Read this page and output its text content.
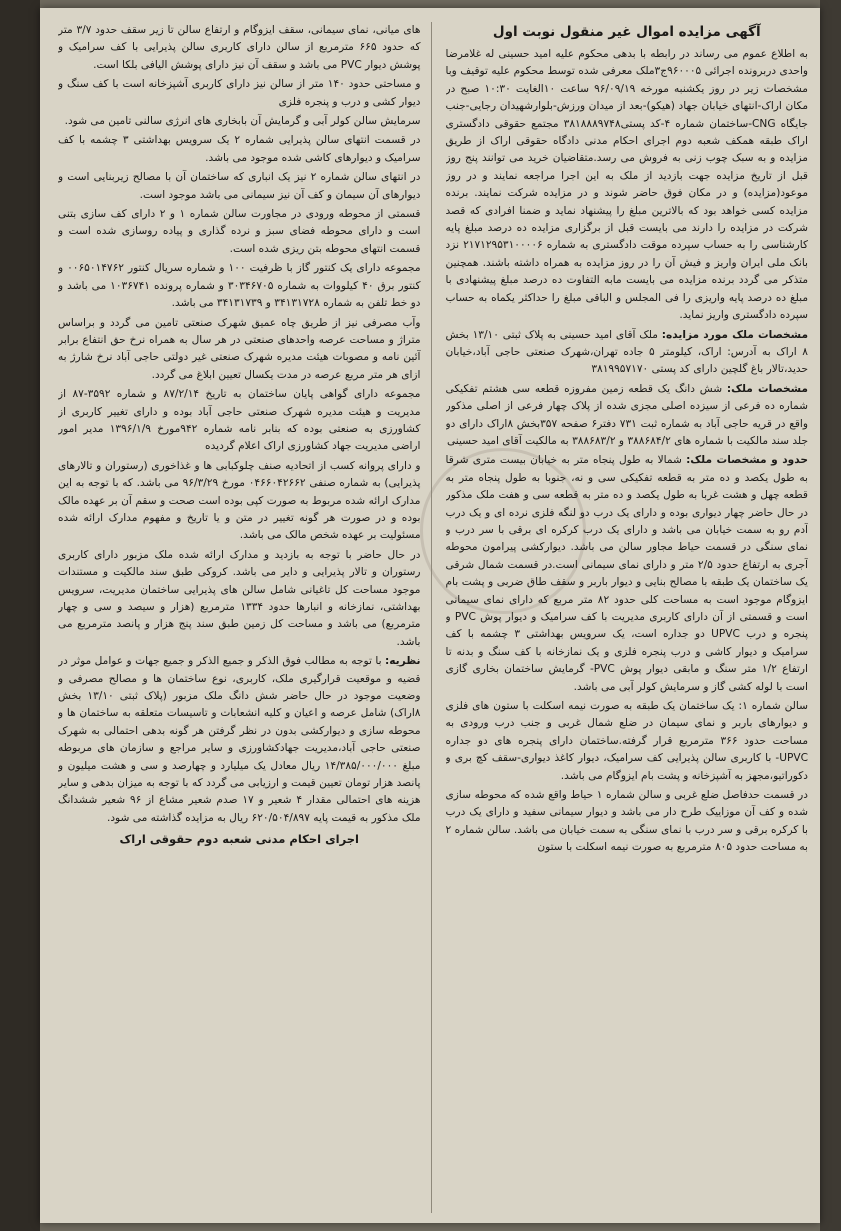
آگهی مزایده اموال غیر منقول نوبت اول

به اطلاع عموم می رساند در رابطه با بدهی محکوم علیه امید حسینی له غلامرضا واحدی دربرونده اجرائی ۹۶۰۰۰۵ج۳ملک معرفی شده توسط محکوم علیه توقیف وبا مشخصات زیر در روز یکشنبه مورخه ۹۶/۰۹/۱۹ ساعت ۱۰الغایت ۱۰:۳۰ صبح در مکان اراک-انتهای خیابان جهاد (هیکو)-بعد از میدان ورزش-بلوارشهیدان رجایی-جنب جایگاه CNG-ساختمان شماره ۴-کد پستی۳۸۱۸۸۸۹۷۴۸ مجتمع حقوقی دادگستری اراک طبقه همکف شعبه دوم اجرای احکام مدنی دادگاه حقوقی اراک از طریق مزایده و به سبک چوب زنی به فروش می رسد.متقاضیان خرید می توانند پنج روز قبل از تاریخ مزایده جهت بازدید از ملک به این اجرا مراجعه نمایند و در روز موعود(مزایده) و در مکان فوق حاضر شوند و در مزایده شرکت نمایند. برنده مزایده کسی خواهد بود که بالاترین مبلغ را پیشنهاد نماید و ضمنا افرادی که قصد شرکت در مزایده را دارند می بایست قبل از برگزاری مزایده ده درصد مبلغ پایه کارشناسی را به حساب سپرده موقت دادگستری به شماره ۲۱۷۱۲۹۵۳۱۰۰۰۰۶ نزد بانک ملی ایران واریز و فیش آن را در روز مزایده به همراه داشته باشند. همچنین متذکر می گردد برنده مزایده می بایست مابه التفاوت ده درصد مبلغ پیشنهادی با مبلغ ده درصد پایه واریزی را فی المجلس و الباقی مبلغ را حداکثر یکماه به حساب سپرده دادگستری واریز نماید.

مشخصات ملک مورد مزایده: ملک آقای امید حسینی به پلاک ثبتی ۱۳/۱۰ بخش ۸ اراک به آدرس: اراک، کیلومتر ۵ جاده تهران،شهرک صنعتی حاجی آباد،خیابان حدید،تالار باغ گلچین دارای کد پستی ۳۸۱۹۹۵۷۱۷۰

مشخصات ملک: شش دانگ یک قطعه زمین مفروزه قطعه سی هشتم تفکیکی شماره ده فرعی از سیزده اصلی مجزی شده از پلاک چهار فرعی از اصلی مذکور واقع در قریه حاجی آباد به شماره ثبت ۷۳۱ دفتر۶ صفحه ۳۵۷بخش ۸اراک دارای دو جلد سند مالکیت با شماره های ۳۸۸۶۸۴/۲ و ۳۸۸۶۸۳/۲ به مالکیت آقای امید حسینی

حدود و مشخصات ملک: شمالا به طول پنجاه متر به خیابان بیست متری شرقا به طول یکصد و ده متر به قطعه تفکیکی سی و نه، جنوبا به طول پنجاه متر به قطعه چهل و هشت غربا به طول یکصد و ده متر به قطعه سی و هفت ملک مذکور در حال حاضر چهار دیواری بوده و دارای یک درب دو لنگه فلزی نرده ای و یک درب آدم رو به سمت خیابان می باشد و دارای یک درب کرکره ای برقی با سر درب و نمای سنگی در قسمت حیاط مجاور سالن می باشد. دیوارکشی پیرامون محوطه آجری به ارتفاع حدود ۲/۵ متر و دارای نمای سیمانی است.در قسمت شمال شرقی یک ساختمان یک طبقه با مصالح بنایی و دیوار باربر و سقف طاق ضربی و پشت بام ایزوگام موجود است به مساحت کلی حدود ۸۲ متر مربع که دارای نمای سیمانی است و قسمتی از آن دارای کاربری مدیریت با کف سرامیک و دیوار پوش PVC و پنجره و درب UPVC دو جداره است، یک سرویس بهداشتی ۳ چشمه با کف سرامیک و دیوار کاشی و درب پنجره فلزی و یک نمازخانه با کف سنگ و بدنه تا ارتفاع ۱/۲ متر سنگ و مابقی دیوار پوش PVC- گرمایش ساختمان بخاری گازی است با لوله کشی گاز و سرمایش کولر آبی می باشد.

سالن شماره ۱: یک ساختمان یک طبقه به صورت نیمه اسکلت با ستون های فلزی و دیوارهای باربر و نمای سیمان در ضلع شمال غربی و جنب درب ورودی به مساحت حدود ۳۶۶ مترمربع قرار گرفته.ساختمان دارای پنجره های دو جداره UPVC- با کاربری سالن پذیرایی کف سرامیک، دیوار کاغذ دیواری-سقف کچ بری و دکوراتیو،مجهز به آشپزخانه و پشت بام ایزوگام می باشد.

در قسمت حدفاصل ضلع غربی و سالن شماره ۱ حیاط واقع شده که محوطه سازی شده و کف آن موزاییک طرح دار می باشد و دیوار سیمانی سفید و دارای یک درب با کرکره برقی و سر درب با نمای سنگی به سمت خیابان می باشد. سالن شماره ۲ به مساحت حدود ۸۰۵ مترمربع به صورت نیمه اسکلت با ستون

های میانی، نمای سیمانی، سقف ایزوگام و ارتفاع سالن تا زیر سقف حدود ۳/۷ متر که حدود ۶۶۵ مترمربع از سالن دارای کاربری سالن پذیرایی با کف سرامیک و پوشش دیوار PVC می باشد و سقف آن نیز دارای پوشش الیافی بلکا است.

و مساحتی حدود ۱۴۰ متر از سالن نیز دارای کاربری آشپزخانه است با کف سنگ و دیوار کشی و درب و پنجره فلزی

سرمایش سالن کولر آبی و گرمایش آن بابخاری های انرژی سالنی تامین می شود.

در قسمت انتهای سالن پذیرایی شماره ۲ یک سرویس بهداشتی ۳ چشمه با کف سرامیک و دیوارهای کاشی شده موجود می باشد.

در انتهای سالن شماره ۲ نیز یک انباری که ساختمان آن با مصالح زیربنایی است و دیوارهای آن سیمان و کف آن نیز سیمانی می باشد موجود است.

قسمتی از محوطه ورودی در مجاورت سالن شماره ۱ و ۲ دارای کف سازی بتنی است و دارای محوطه فضای سبز و نرده گذاری و پیاده روسازی شده است و قسمت انتهای محوطه بتن ریزی شده است.

مجموعه دارای یک کنتور گاز با ظرفیت ۱۰۰ و شماره سریال کنتور ۰۰۶۵۰۱۴۷۶۲ و کنتور برق ۴۰ کیلووات به شماره ۳۰۳۴۶۷۰۵ و شماره پرونده ۱۰۳۶۷۴۱ می باشد و دو خط تلفن به شماره ۳۴۱۳۱۷۲۸ و ۳۴۱۳۱۷۳۹ می باشد.

وآب مصرفی نیز از طریق چاه عمیق شهرک صنعتی تامین می گردد و براساس متراژ و مساحت عرصه واحدهای صنعتی در هر سال به همراه نرخ حق انتفاع برابر آئین نامه و مصوبات هیئت مدیره شهرک صنعتی غیر دولتی حاجی آباد نرخ شارژ به ازای هر متر مربع عرصه در مدت یکسال تعیین ابلاغ می گردد.

مجموعه دارای گواهی پایان ساختمان به تاریخ ۸۷/۲/۱۴ و شماره ۳۵۹۲-۸۷ از مدیریت و هیئت مدیره شهرک صنعتی حاجی آباد بوده و دارای تغییر کاربری از کشاورزی به صنعتی بوده که بنابر نامه شماره ۹۴۲مورخ ۱۳۹۶/۱/۹ مدیر امور اراضی مدیریت جهاد کشاورزی اراک اعلام گردیده

و دارای پروانه کسب از اتحادیه صنف چلوکبابی ها و غذاخوری (رستوران و تالارهای پذیرایی) به شماره صنفی ۰۴۶۶۰۴۲۶۶۲ مورخ ۹۶/۳/۲۹ می باشد. که با توجه به این مدارک ارائه شده مربوط به صورت کپی بوده است صحت و سقم آن بر عهده مالک بوده و در صورت هر گونه تغییر در متن و یا تاریخ و مفهوم مدارک ارائه شده مسئولیت بر عهده شخص مالک می باشد.

در حال حاضر با توجه به بازدید و مدارک ارائه شده ملک مزبور دارای کاربری رستوران و تالار پذیرایی و دایر می باشد. کروکی طبق سند مالکیت و مستندات موجود مساحت کل تاغیانی شامل سالن های پذیرایی ساختمان مدیریت، سرویس بهداشتی، نمازخانه و انبارها حدود ۱۳۳۴ مترمربع (هزار و سیصد و سی و چهار مترمربع) می باشد و مساحت کل زمین طبق سند پنج هزار و پانصد مترمربع می باشد.

نظریه: با توجه به مطالب فوق الذکر و جمیع الذکر و جمیع جهات و عوامل موثر در قضیه و موقعیت قرارگیری ملک، کاربری، نوع ساختمان ها و مصالح مصرفی و وضعیت موجود در حال حاضر شش دانگ ملک مزبور (پلاک ثبتی ۱۳/۱۰ بخش ۸اراک) شامل عرصه و اعیان و کلیه انشعابات و تاسیسات متعلقه به ساختمان ها و محوطه سازی و دیوارکشی بدون در نظر گرفتن هر گونه بدهی احتمالی به شهرک صنعتی حاجی آباد،مدیریت جهادکشاورزی و سایر مراجع و سازمان های مربوطه مبلغ ۱۴/۳۸۵/۰۰۰/۰۰۰ ریال معادل یک میلیارد و چهارصد و سی و هشت میلیون و پانصد هزار تومان تعیین قیمت و ارزیابی می گردد که با توجه به میزان بدهی و سایر هزینه های احتمالی مقدار ۴ شعیر و ۱۷ صدم شعیر مشاع از ۹۶ شعیر ششدانگ ملک مذکور به قیمت پایه ۶۲۰/۵۰۴/۸۹۷ ریال به مزایده گذاشته می شود.

اجرای احکام مدنی شعبه دوم حقوقی اراک
